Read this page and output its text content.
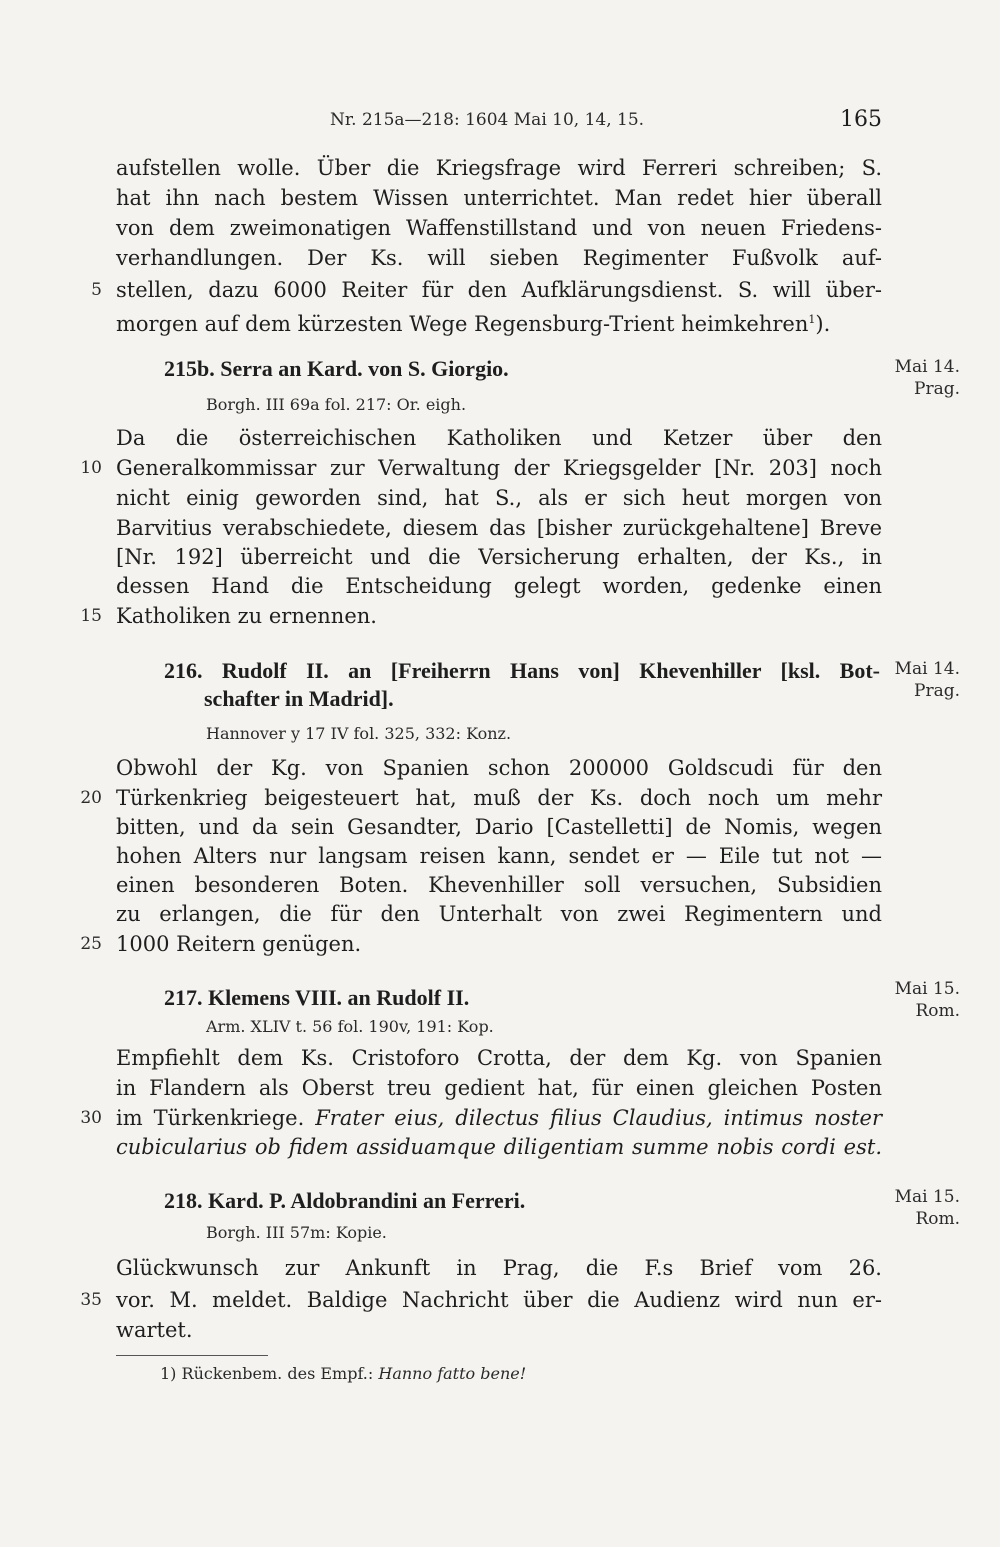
Nr. 215a—218: 1604 Mai 10, 14, 15.	165
aufstellen wolle. Über die Kriegsfrage wird Ferreri schreiben; S.
hat ihn nach bestem Wissen unterrichtet. Man redet hier überall
von dem zweimonatigen Waffenstillstand und von neuen Friedens-
verhandlungen. Der Ks. will sieben Regimenter Fußvolk auf-
5 stellen, dazu 6000 Reiter für den Aufklärungsdienst. S. will über-
morgen auf dem kürzesten Wege Regensburg-Trient heimkehren$^1$).
215b. Serra an Kard. von S. Giorgio.	Mai 14.
Prag.
Borgh. III 69a fol. 217: Or. eigh.
Da die österreichischen Katholiken und Ketzer über den
10 Generalkommissar zur Verwaltung der Kriegsgelder [Nr. 203] noch
nicht einig geworden sind, hat S., als er sich heut morgen von
Barvitius verabschiedete, diesem das [bisher zurückgehaltene] Breve
[Nr. 192] überreicht und die Versicherung erhalten, der Ks., in
dessen Hand die Entscheidung gelegt worden, gedenke einen
15 Katholiken zu ernennen.
216. Rudolf II. an [Freiherrn Hans von] Khevenhiller [ksl. Bot-
schafter in Madrid].
Mai 14.
Prag.
Hannover y 17 IV fol. 325, 332: Konz.
Obwohl der Kg. von Spanien schon 200000 Goldscudi für den
20 Türkenkrieg beigesteuert hat, muß der Ks. doch noch um mehr
bitten, und da sein Gesandter, Dario [Castelletti] de Nomis, wegen
hohen Alters nur langsam reisen kann, sendet er — Eile tut not —
einen besonderen Boten. Khevenhiller soll versuchen, Subsidien
zu erlangen, die für den Unterhalt von zwei Regimentern und
25 1000 Reitern genügen.
217. Klemens VIII. an Rudolf II.	Mai 15.
Rom.
Arm. XLIV t. 56 fol. 190v, 191: Kop.
Empfiehlt dem Ks. Cristoforo Crotta, der dem Kg. von Spanien
in Flandern als Oberst treu gedient hat, für einen gleichen Posten
30 im Türkenkriege. Frater eius, dilectus filius Claudius, intimus noster
cubicularius ob fidem assiduamque diligentiam summe nobis cordi est.
218. Kard. P. Aldobrandini an Ferreri.	Mai 15.
Rom.
Borgh. III 57m: Kopie.
Glückwunsch zur Ankunft in Prag, die F.s Brief vom 26.
35 vor. M. meldet. Baldige Nachricht über die Audienz wird nun er-
wartet.
1) Rückenbem. des Empf.: Hanno fatto bene!
